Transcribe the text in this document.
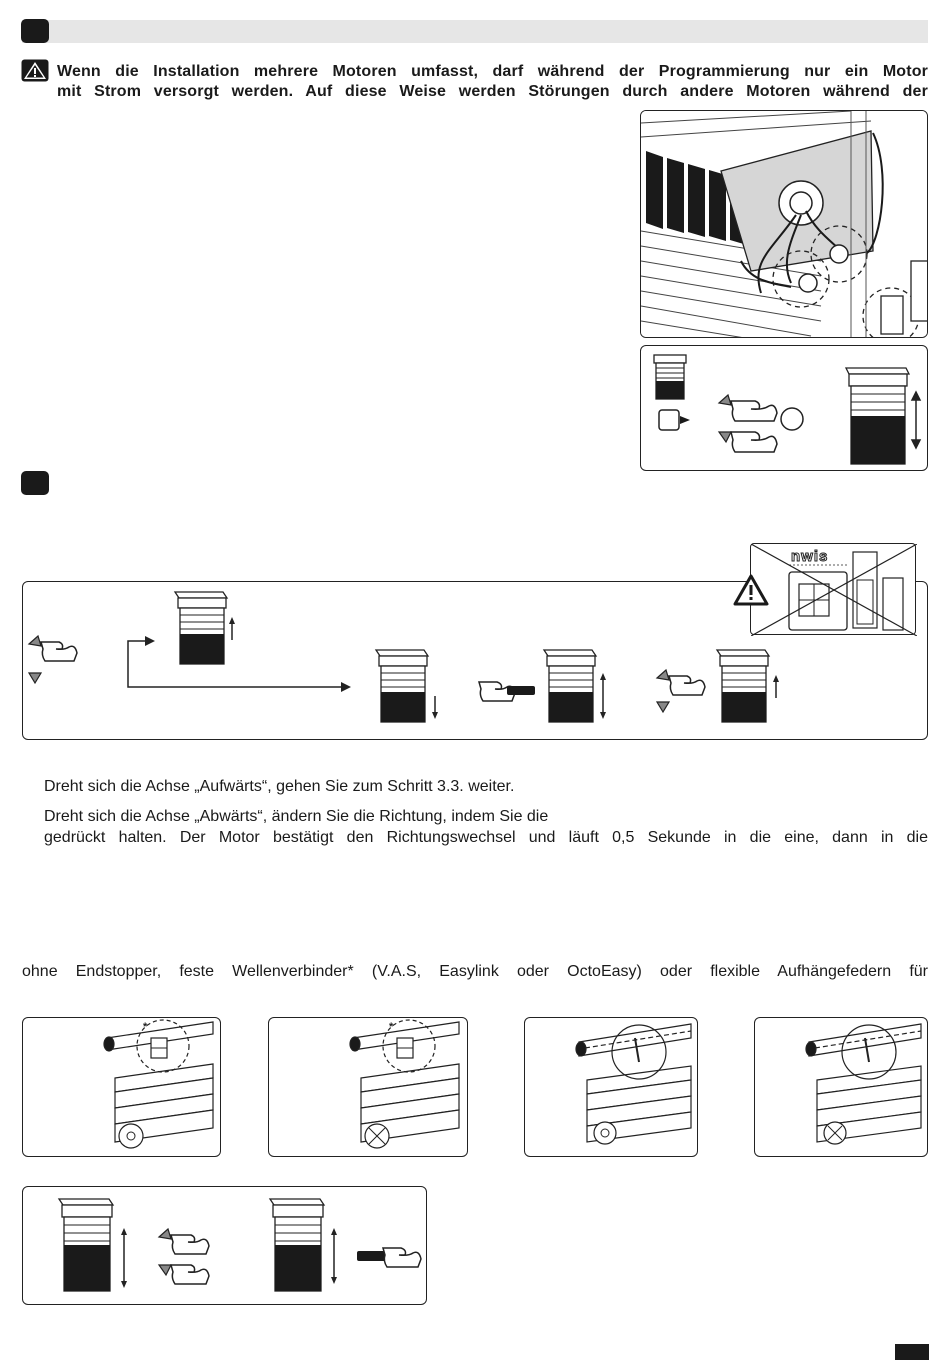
Wenn die Installation mehrere Motoren umfasst, darf während der Programmierung nur ein Motor
mit Strom versorgt werden. Auf diese Weise werden Störungen durch andere Motoren während der
nwis
Dreht sich die Achse „Aufwärts“, gehen Sie zum Schritt 3.3. weiter.
Dreht sich die Achse „Abwärts“, ändern Sie die Richtung, indem Sie die
gedrückt halten. Der Motor bestätigt den Richtungswechsel und läuft 0,5 Sekunde in die eine, dann in die
ohne Endstopper, feste Wellenverbinder* (V.A.S, Easylink oder OctoEasy) oder flexible Aufhängefedern für
*	*
